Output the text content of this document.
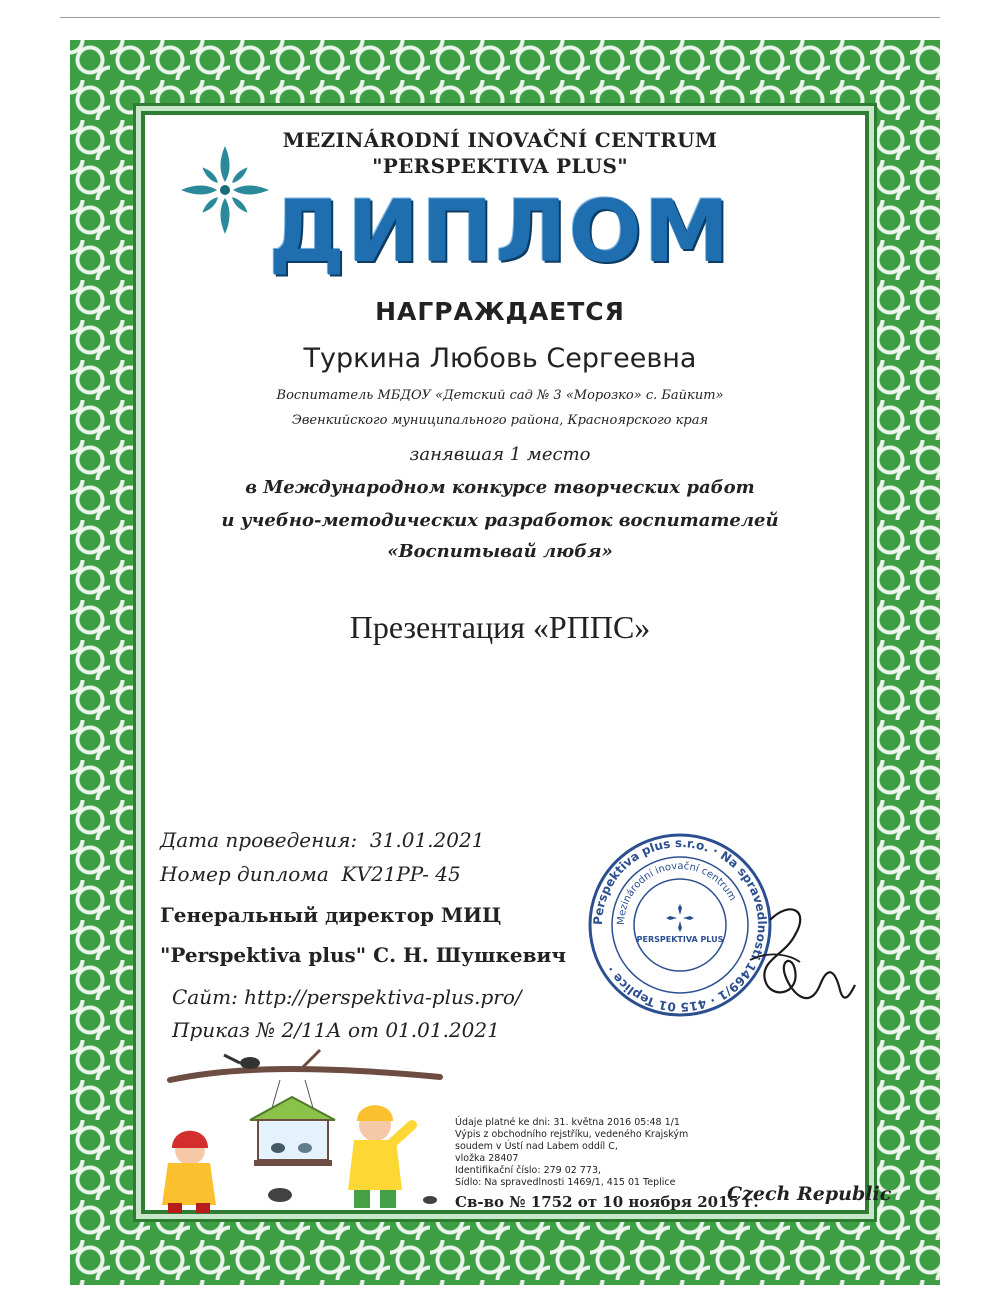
MEZINÁRODNÍ INOVAČNÍ CENTRUM

"PERSPEKTIVA PLUS"

ДИПЛОМ

НАГРАЖДАЕТСЯ

Туркина Любовь Сергеевна

Воспитатель МБДОУ «Детский сад № 3 «Морозко» с. Байкит»

Эвенкийского муниципального района, Красноярского края

занявшая 1 место

в Международном конкурсе творческих работ

и учебно-методических разработок воспитателей

«Воспитывай любя»

Презентация «РППС»

Дата проведения: 31.01.2021

Номер диплома KV21PP- 45

Генеральный директор МИЦ

"Perspektiva plus" С. Н. Шушкевич

Сайт: http://perspektiva-plus.pro/

Приказ № 2/11А от 01.01.2021

Perspektiva plus s.r.o. · Na spravedlnosti 1469/1 · 415 01 Teplice ·
Mezinárodní inovační centrum
PERSPEKTIVA PLUS

Údaje platné ke dni: 31. května 2016 05:48 1/1

Výpis z obchodního rejstříku, vedeného Krajským soudem v Ústí nad Labem oddíl C,

vložka 28407

Identifikační číslo: 279 02 773,

Sídlo: Na spravedlnosti 1469/1, 415 01 Teplice

Св-во № 1752 от 10 ноября 2015 г.

Czech Republic
